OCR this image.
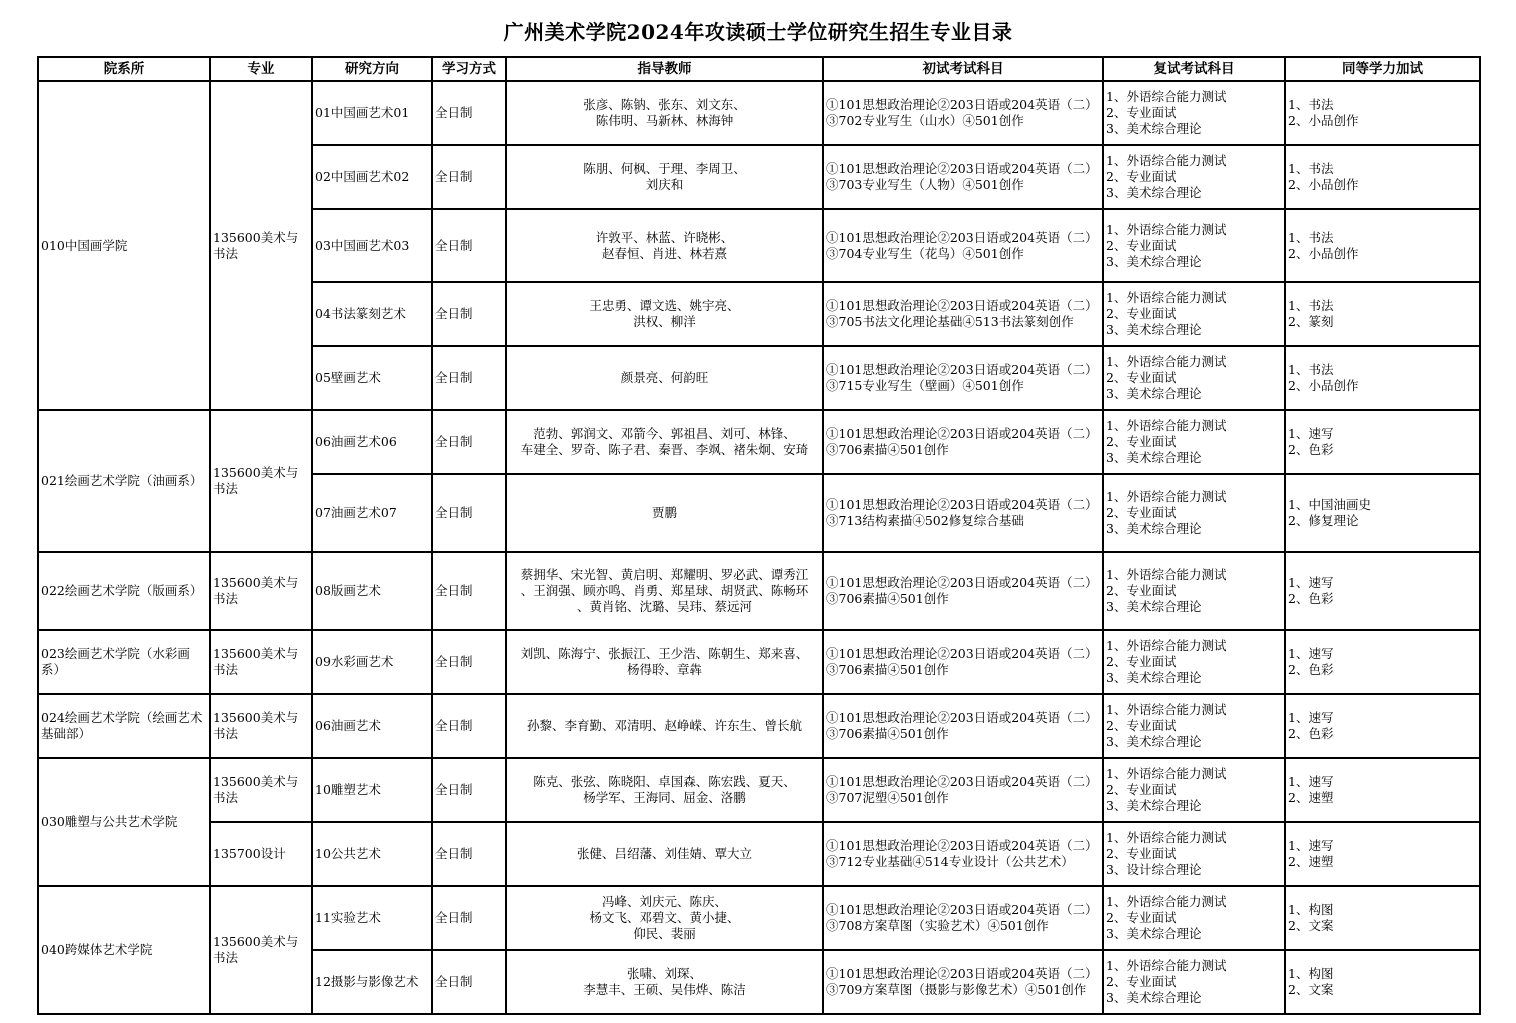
广州美术学院2024年攻读硕士学位研究生招生专业目录
院系所	专业	研究方向	学习方式	指导教师	初试考试科目	复试考试科目	同等学力加试
010中国画学院	135600美术与书法	01中国画艺术01	全日制	张彦、陈钠、张东、刘文东、
陈伟明、马新林、林海钟	①101思想政治理论②203日语或204英语（二）
③702专业写生（山水）④501创作	1、外语综合能力测试
2、专业面试
3、美术综合理论	1、书法
2、小品创作
		02中国画艺术02	全日制	陈朋、何枫、于理、李周卫、
刘庆和	①101思想政治理论②203日语或204英语（二）
③703专业写生（人物）④501创作	1、外语综合能力测试
2、专业面试
3、美术综合理论	1、书法
2、小品创作
		03中国画艺术03	全日制	许敦平、林蓝、许晓彬、
赵春恒、肖进、林若熹	①101思想政治理论②203日语或204英语（二）
③704专业写生（花鸟）④501创作	1、外语综合能力测试
2、专业面试
3、美术综合理论	1、书法
2、小品创作
		04书法篆刻艺术	全日制	王忠勇、谭文选、姚宇亮、
洪权、柳洋	①101思想政治理论②203日语或204英语（二）
③705书法文化理论基础④513书法篆刻创作	1、外语综合能力测试
2、专业面试
3、美术综合理论	1、书法
2、篆刻
		05壁画艺术	全日制	颜景亮、何韵旺	①101思想政治理论②203日语或204英语（二）
③715专业写生（壁画）④501创作	1、外语综合能力测试
2、专业面试
3、美术综合理论	1、书法
2、小品创作
021绘画艺术学院（油画系）	135600美术与书法	06油画艺术06	全日制	范勃、郭润文、邓箭今、郭祖昌、刘可、林锋、
车建全、罗奇、陈子君、秦晋、李飒、褚朱炯、安琦	①101思想政治理论②203日语或204英语（二）
③706素描④501创作	1、外语综合能力测试
2、专业面试
3、美术综合理论	1、速写
2、色彩
		07油画艺术07	全日制	贾鹏	①101思想政治理论②203日语或204英语（二）
③713结构素描④502修复综合基础	1、外语综合能力测试
2、专业面试
3、美术综合理论	1、中国油画史
2、修复理论
022绘画艺术学院（版画系）	135600美术与书法	08版画艺术	全日制	蔡拥华、宋光智、黄启明、郑耀明、罗必武、谭秀江
、王润强、顾亦鸣、肖勇、郑星球、胡贤武、陈畅环
、黄肖铭、沈璐、吴玮、蔡远河	①101思想政治理论②203日语或204英语（二）
③706素描④501创作	1、外语综合能力测试
2、专业面试
3、美术综合理论	1、速写
2、色彩
023绘画艺术学院（水彩画系）	135600美术与书法	09水彩画艺术	全日制	刘凯、陈海宁、张振江、王少浩、陈朝生、郑来喜、
杨得聆、章犇	①101思想政治理论②203日语或204英语（二）
③706素描④501创作	1、外语综合能力测试
2、专业面试
3、美术综合理论	1、速写
2、色彩
024绘画艺术学院（绘画艺术基础部）	135600美术与书法	06油画艺术	全日制	孙黎、李育勤、邓清明、赵峥嵘、许东生、曾长航	①101思想政治理论②203日语或204英语（二）
③706素描④501创作	1、外语综合能力测试
2、专业面试
3、美术综合理论	1、速写
2、色彩
030雕塑与公共艺术学院	135600美术与书法	10雕塑艺术	全日制	陈克、张弦、陈晓阳、卓国森、陈宏践、夏天、
杨学军、王海同、屈金、洛鹏	①101思想政治理论②203日语或204英语（二）
③707泥塑④501创作	1、外语综合能力测试
2、专业面试
3、美术综合理论	1、速写
2、速塑
	135700设计	10公共艺术	全日制	张健、吕绍藩、刘佳婧、覃大立	①101思想政治理论②203日语或204英语（二）
③712专业基础④514专业设计（公共艺术）	1、外语综合能力测试
2、专业面试
3、设计综合理论	1、速写
2、速塑
040跨媒体艺术学院	135600美术与书法	11实验艺术	全日制	冯峰、刘庆元、陈庆、
杨文飞、邓碧文、黄小捷、
仰民、裴丽	①101思想政治理论②203日语或204英语（二）
③708方案草图（实验艺术）④501创作	1、外语综合能力测试
2、专业面试
3、美术综合理论	1、构图
2、文案
		12摄影与影像艺术	全日制	张啸、刘琛、
李慧丰、王硕、吴伟烨、陈洁	①101思想政治理论②203日语或204英语（二）
③709方案草图（摄影与影像艺术）④501创作	1、外语综合能力测试
2、专业面试
3、美术综合理论	1、构图
2、文案
